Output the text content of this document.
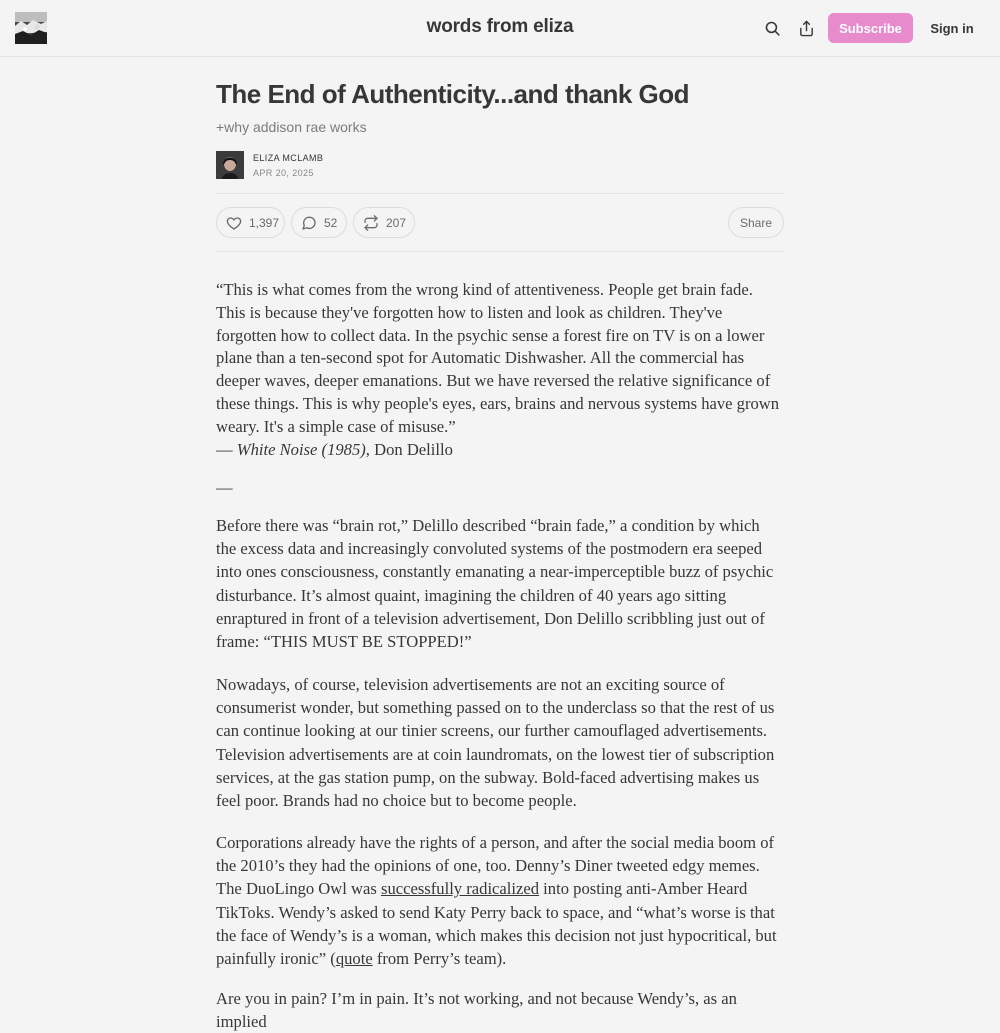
words from eliza	Subscribe	Sign in
The End of Authenticity...and thank God
+why addison rae works
ELIZA MCLAMB
APR 20, 2025
1,397	52	207	Share
“This is what comes from the wrong kind of attentiveness. People get brain fade. This is because they've forgotten how to listen and look as children. They've forgotten how to collect data. In the psychic sense a forest fire on TV is on a lower plane than a ten-second spot for Automatic Dishwasher. All the commercial has deeper waves, deeper emanations. But we have reversed the relative significance of these things. This is why people's eyes, ears, brains and nervous systems have grown weary. It's a simple case of misuse.”
— White Noise (1985), Don Delillo
—

Before there was “brain rot,” Delillo described “brain fade,” a condition by which the excess data and increasingly convoluted systems of the postmodern era seeped into ones consciousness, constantly emanating a near-imperceptible buzz of psychic disturbance. It’s almost quaint, imagining the children of 40 years ago sitting enraptured in front of a television advertisement, Don Delillo scribbling just out of frame: “THIS MUST BE STOPPED!”

Nowadays, of course, television advertisements are not an exciting source of consumerist wonder, but something passed on to the underclass so that the rest of us can continue looking at our tinier screens, our further camouflaged advertisements. Television advertisements are at coin laundromats, on the lowest tier of subscription services, at the gas station pump, on the subway. Bold-faced advertising makes us feel poor. Brands had no choice but to become people.

Corporations already have the rights of a person, and after the social media boom of the 2010’s they had the opinions of one, too. Denny’s Diner tweeted edgy memes. The DuoLingo Owl was successfully radicalized into posting anti-Amber Heard TikToks. Wendy’s asked to send Katy Perry back to space, and “what’s worse is that the face of Wendy’s is a woman, which makes this decision not just hypocritical, but painfully ironic” (quote from Perry’s team).

Are you in pain? I’m in pain. It’s not working, and not because Wendy’s, as an implied
